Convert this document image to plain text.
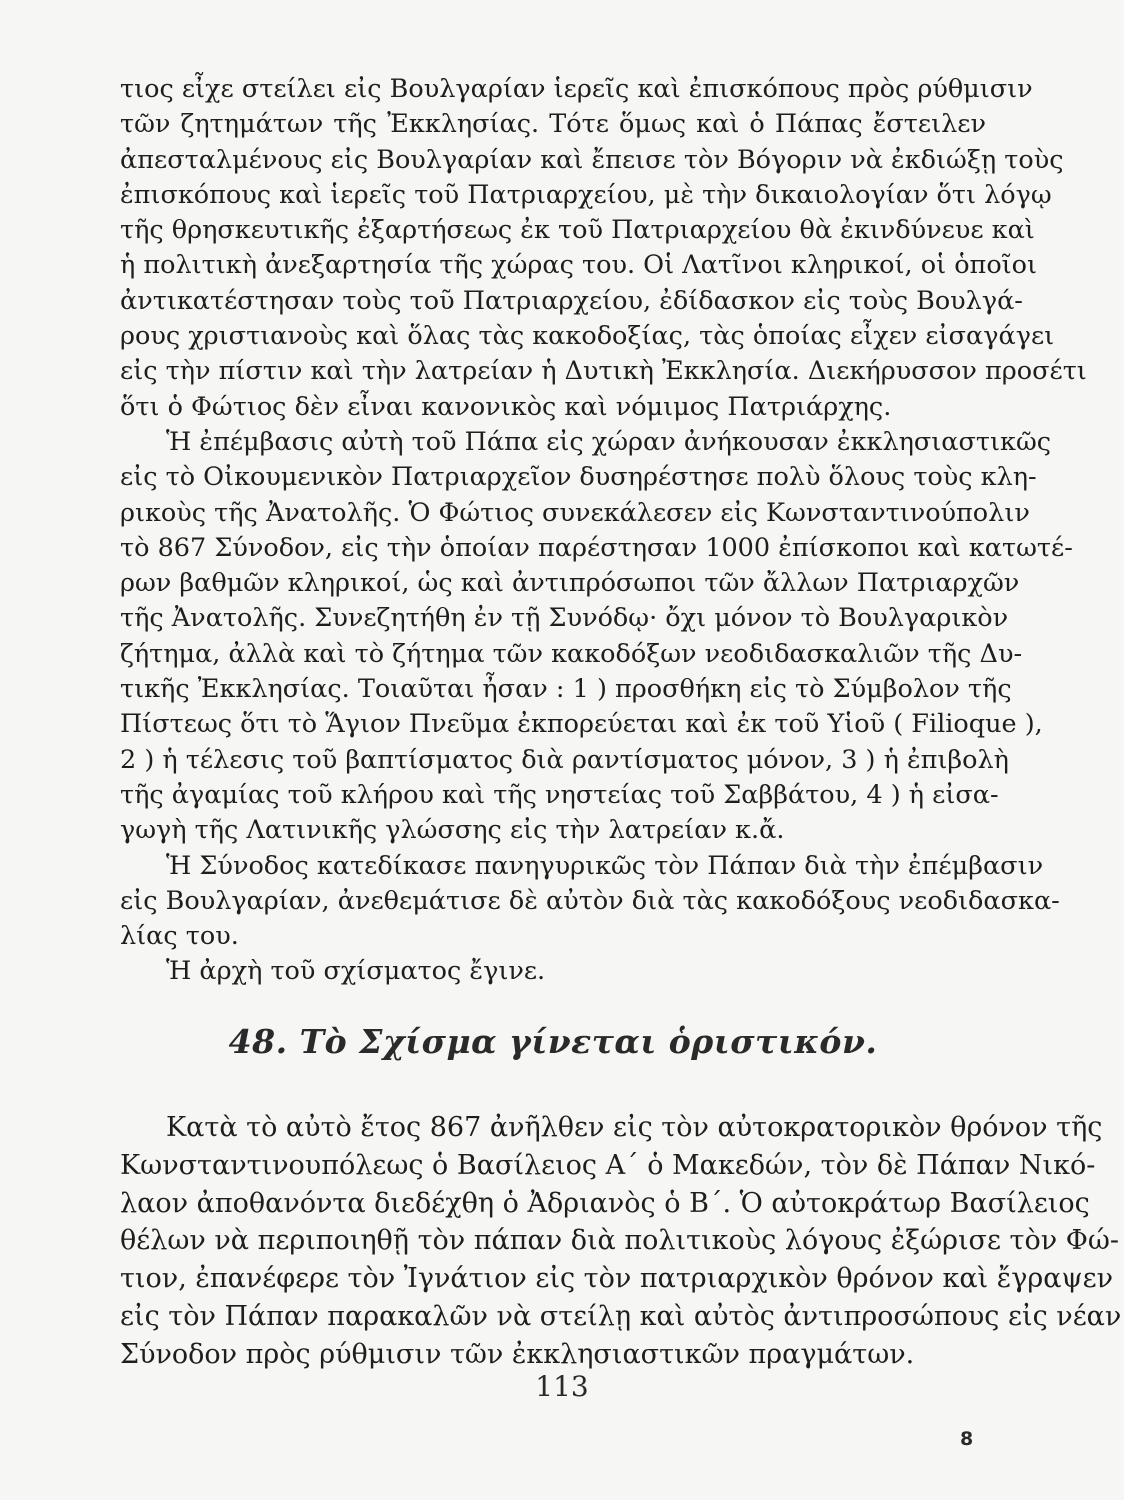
τιος εἶχε στείλει εἰς Βουλγαρίαν ἱερεῖς καὶ ἐπισκόπους πρὸς ρύθμισιν
τῶν ζητημάτων τῆς Ἐκκλησίας. Τότε ὅμως καὶ ὁ Πάπας ἔστειλεν
ἀπεσταλμένους εἰς Βουλγαρίαν καὶ ἔπεισε τὸν Βόγοριν νὰ ἐκδιώξῃ τοὺς
ἐπισκόπους καὶ ἱερεῖς τοῦ Πατριαρχείου, μὲ τὴν δικαιολογίαν ὅτι λόγῳ
τῆς θρησκευτικῆς ἐξαρτήσεως ἐκ τοῦ Πατριαρχείου θὰ ἐκινδύνευε καὶ
ἡ πολιτικὴ ἀνεξαρτησία τῆς χώρας του. Οἱ Λατῖνοι κληρικοί, οἱ ὁποῖοι
ἀντικατέστησαν τοὺς τοῦ Πατριαρχείου, ἐδίδασκον εἰς τοὺς Βουλγά-
ρους χριστιανοὺς καὶ ὅλας τὰς κακοδοξίας, τὰς ὁποίας εἶχεν εἰσαγάγει
εἰς τὴν πίστιν καὶ τὴν λατρείαν ἡ Δυτικὴ Ἐκκλησία. Διεκήρυσσον προσέτι
ὅτι ὁ Φώτιος δὲν εἶναι κανονικὸς καὶ νόμιμος Πατριάρχης.
Ἡ ἐπέμβασις αὐτὴ τοῦ Πάπα εἰς χώραν ἀνήκουσαν ἐκκλησιαστικῶς
εἰς τὸ Οἰκουμενικὸν Πατριαρχεῖον δυσηρέστησε πολὺ ὅλους τοὺς κλη-
ρικοὺς τῆς Ἀνατολῆς. Ὁ Φώτιος συνεκάλεσεν εἰς Κωνσταντινούπολιν
τὸ 867 Σύνοδον, εἰς τὴν ὁποίαν παρέστησαν 1000 ἐπίσκοποι καὶ κατωτέ-
ρων βαθμῶν κληρικοί, ὡς καὶ ἀντιπρόσωποι τῶν ἄλλων Πατριαρχῶν
τῆς Ἀνατολῆς. Συνεζητήθη ἐν τῇ Συνόδῳ· ὄχι μόνον τὸ Βουλγαρικὸν
ζήτημα, ἀλλὰ καὶ τὸ ζήτημα τῶν κακοδόξων νεοδιδασκαλιῶν τῆς Δυ-
τικῆς Ἐκκλησίας. Τοιαῦται ἦσαν : 1 ) προσθήκη εἰς τὸ Σύμβολον τῆς
Πίστεως ὅτι τὸ Ἅγιον Πνεῦμα ἐκπορεύεται καὶ ἐκ τοῦ Υἱοῦ ( Filioque ),
2 ) ἡ τέλεσις τοῦ βαπτίσματος διὰ ραντίσματος μόνον, 3 ) ἡ ἐπιβολὴ
τῆς ἀγαμίας τοῦ κλήρου καὶ τῆς νηστείας τοῦ Σαββάτου, 4 ) ἡ εἰσα-
γωγὴ τῆς Λατινικῆς γλώσσης εἰς τὴν λατρείαν κ.ἄ.
Ἡ Σύνοδος κατεδίκασε πανηγυρικῶς τὸν Πάπαν διὰ τὴν ἐπέμβασιν
εἰς Βουλγαρίαν, ἀνεθεμάτισε δὲ αὐτὸν διὰ τὰς κακοδόξους νεοδιδασκα-
λίας του.
Ἡ ἀρχὴ τοῦ σχίσματος ἔγινε.
48. Τὸ Σχίσμα γίνεται ὁριστικόν.
Κατὰ τὸ αὐτὸ ἔτος 867 ἀνῆλθεν εἰς τὸν αὐτοκρατορικὸν θρόνον τῆς
Κωνσταντινουπόλεως ὁ Βασίλειος Α΄ ὁ Μακεδών, τὸν δὲ Πάπαν Νικό-
λαον ἀποθανόντα διεδέχθη ὁ Ἀδριανὸς ὁ Β΄. Ὁ αὐτοκράτωρ Βασίλειος
θέλων νὰ περιποιηθῇ τὸν πάπαν διὰ πολιτικοὺς λόγους ἐξώρισε τὸν Φώ-
τιον, ἐπανέφερε τὸν Ἰγνάτιον εἰς τὸν πατριαρχικὸν θρόνον καὶ ἔγραψεν
εἰς τὸν Πάπαν παρακαλῶν νὰ στείλῃ καὶ αὐτὸς ἀντιπροσώπους εἰς νέαν
Σύνοδον πρὸς ρύθμισιν τῶν ἐκκλησιαστικῶν πραγμάτων.
113
8
